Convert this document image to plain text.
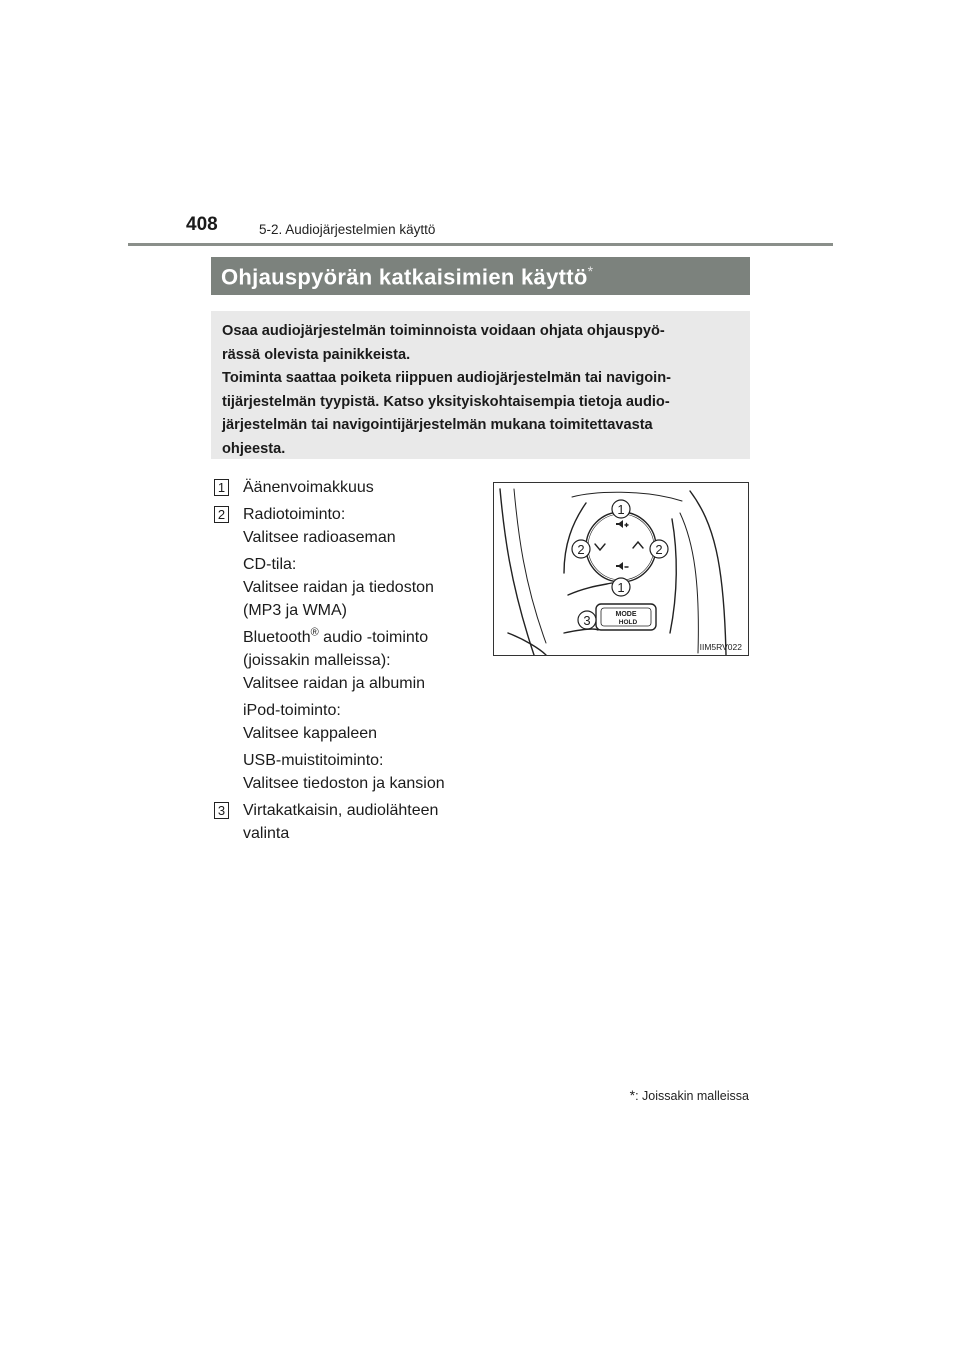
408	5-2. Audiojärjestelmien käyttö
Ohjauspyörän katkaisimien käyttö*

Osaa audiojärjestelmän toiminnoista voidaan ohjata ohjauspyö-

rässä olevista painikkeista.

Toiminta saattaa poiketa riippuen audiojärjestelmän tai navigoin-

tijärjestelmän tyypistä. Katso yksityiskohtaisempia tietoja audio-

järjestelmän tai navigointijärjestelmän mukana toimitettavasta

ohjeesta.

1 Äänenvoimakkuus

2 Radiotoiminto:

Valitsee radioaseman

CD-tila:

Valitsee raidan ja tiedoston

(MP3 ja WMA)

Bluetooth® audio -toiminto

(joissakin malleissa):

Valitsee raidan ja albumin

iPod-toiminto:

Valitsee kappaleen

USB-muistitoiminto:

Valitsee tiedoston ja kansion

3 Virtakatkaisin, audiolähteen

valinta

MODE
HOLD
1
2	2
1
3
IIM5RV022
*: Joissakin malleissa
